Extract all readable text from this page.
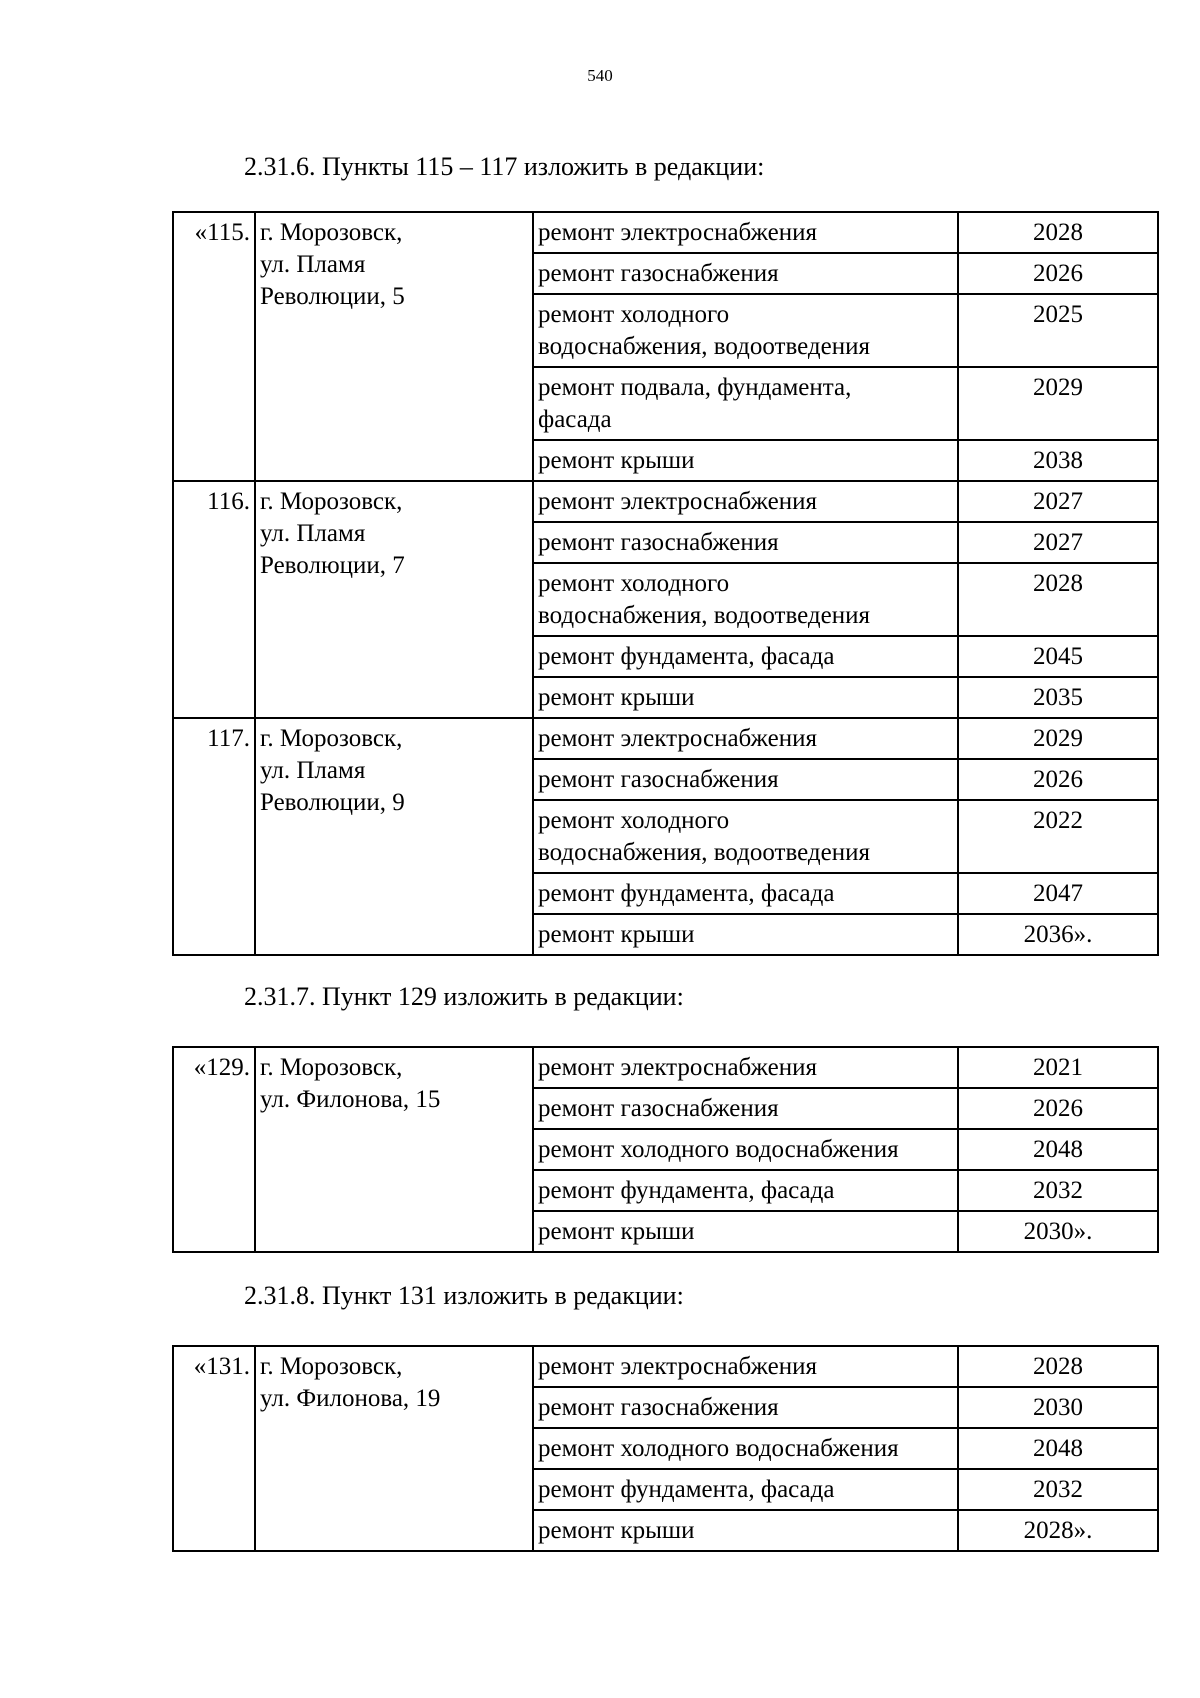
540
2.31.6. Пункты 115 – 117 изложить в редакции:
«115.	г. Морозовск,
ул. Пламя
Революции, 5	ремонт электроснабжения	2028
		ремонт газоснабжения	2026
		ремонт холодного
водоснабжения, водоотведения	2025
		ремонт подвала, фундамента,
фасада	2029
		ремонт крыши	2038
116.	г. Морозовск,
ул. Пламя
Революции, 7	ремонт электроснабжения	2027
		ремонт газоснабжения	2027
		ремонт холодного
водоснабжения, водоотведения	2028
		ремонт фундамента, фасада	2045
		ремонт крыши	2035
117.	г. Морозовск,
ул. Пламя
Революции, 9	ремонт электроснабжения	2029
		ремонт газоснабжения	2026
		ремонт холодного
водоснабжения, водоотведения	2022
		ремонт фундамента, фасада	2047
		ремонт крыши	2036».
2.31.7. Пункт 129 изложить в редакции:
«129.	г. Морозовск,
ул. Филонова, 15	ремонт электроснабжения	2021
		ремонт газоснабжения	2026
		ремонт холодного водоснабжения	2048
		ремонт фундамента, фасада	2032
		ремонт крыши	2030».
2.31.8. Пункт 131 изложить в редакции:
«131.	г. Морозовск,
ул. Филонова, 19	ремонт электроснабжения	2028
		ремонт газоснабжения	2030
		ремонт холодного водоснабжения	2048
		ремонт фундамента, фасада	2032
		ремонт крыши	2028».
